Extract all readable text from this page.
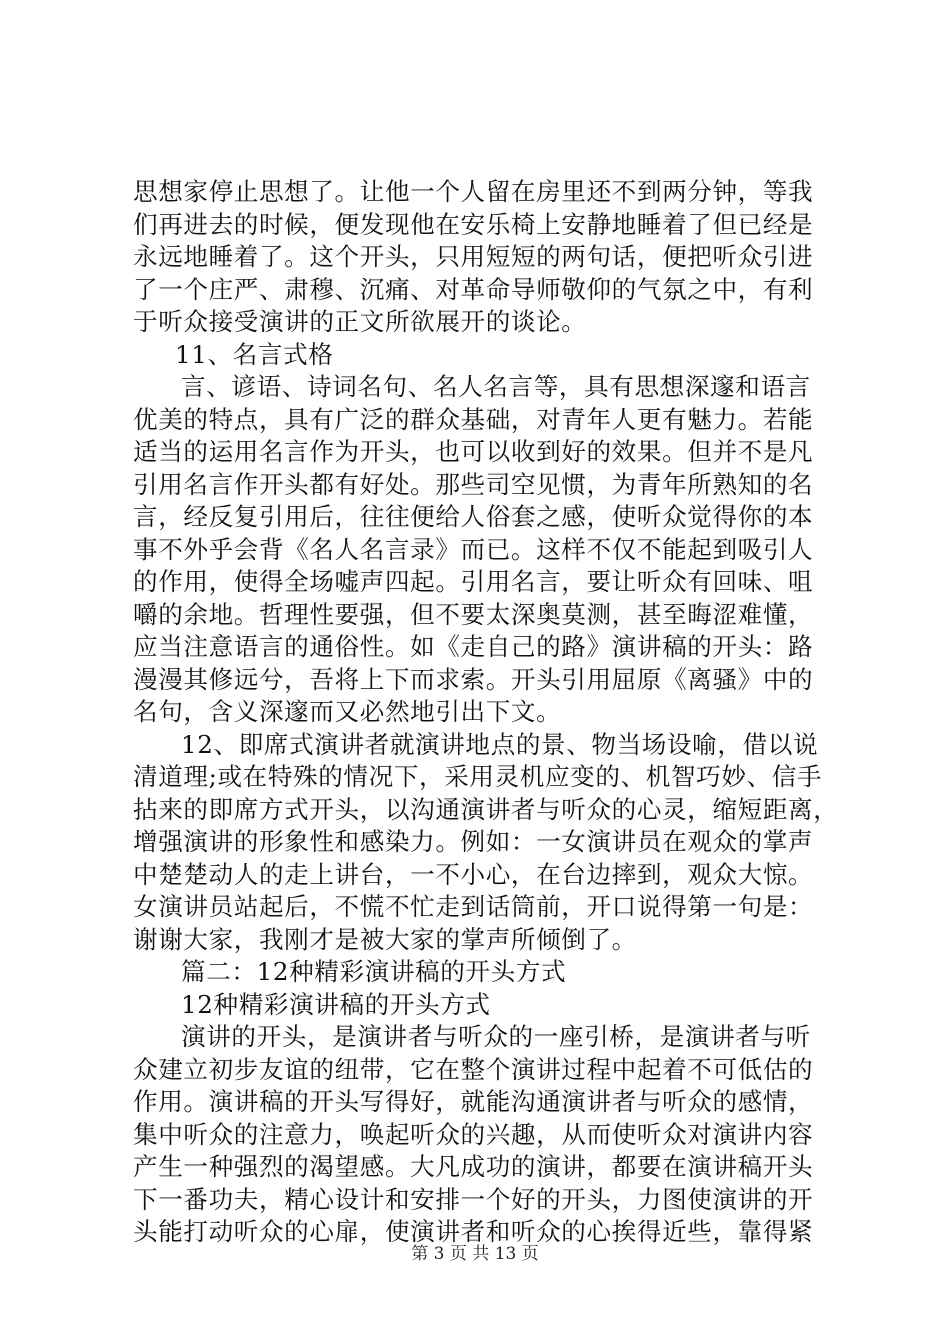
思想家停止思想了。让他一个人留在房里还不到两分钟，等我
们再进去的时候，便发现他在安乐椅上安静地睡着了但已经是
永远地睡着了。这个开头，只用短短的两句话，便把听众引进
了一个庄严、肃穆、沉痛、对革命导师敬仰的气氛之中，有利
于听众接受演讲的正文所欲展开的谈论。
11、名言式格
言、谚语、诗词名句、名人名言等，具有思想深邃和语言
优美的特点，具有广泛的群众基础，对青年人更有魅力。若能
适当的运用名言作为开头，也可以收到好的效果。但并不是凡
引用名言作开头都有好处。那些司空见惯，为青年所熟知的名
言，经反复引用后，往往便给人俗套之感，使听众觉得你的本
事不外乎会背《名人名言录》而已。这样不仅不能起到吸引人
的作用，使得全场嘘声四起。引用名言，要让听众有回味、咀
嚼的余地。哲理性要强，但不要太深奥莫测，甚至晦涩难懂，
应当注意语言的通俗性。如《走自己的路》演讲稿的开头：路
漫漫其修远兮，吾将上下而求索。开头引用屈原《离骚》中的
名句，含义深邃而又必然地引出下文。
12、即席式演讲者就演讲地点的景、物当场设喻，借以说
清道理;或在特殊的情况下，采用灵机应变的、机智巧妙、信手
拈来的即席方式开头，以沟通演讲者与听众的心灵，缩短距离，
增强演讲的形象性和感染力。例如：一女演讲员在观众的掌声
中楚楚动人的走上讲台，一不小心，在台边摔到，观众大惊。
女演讲员站起后，不慌不忙走到话筒前，开口说得第一句是：
谢谢大家，我刚才是被大家的掌声所倾倒了。
篇二：12种精彩演讲稿的开头方式
12种精彩演讲稿的开头方式
演讲的开头，是演讲者与听众的一座引桥，是演讲者与听
众建立初步友谊的纽带，它在整个演讲过程中起着不可低估的
作用。演讲稿的开头写得好，就能沟通演讲者与听众的感情，
集中听众的注意力，唤起听众的兴趣，从而使听众对演讲内容
产生一种强烈的渴望感。大凡成功的演讲，都要在演讲稿开头
下一番功夫，精心设计和安排一个好的开头，力图使演讲的开
头能打动听众的心扉，使演讲者和听众的心挨得近些，靠得紧
第 3 页 共 13 页
